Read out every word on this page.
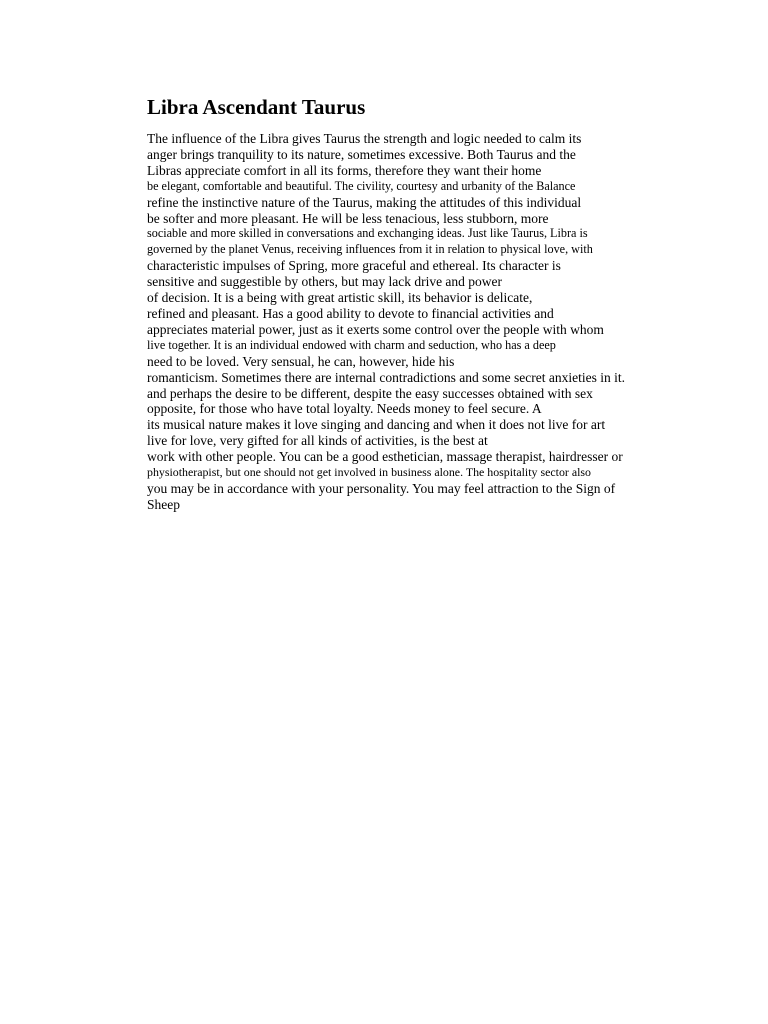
Libra Ascendant Taurus
The influence of the Libra gives Taurus the strength and logic needed to calm its
anger brings tranquility to its nature, sometimes excessive. Both Taurus and the
Libras appreciate comfort in all its forms, therefore they want their home
be elegant, comfortable and beautiful. The civility, courtesy and urbanity of the Balance
refine the instinctive nature of the Taurus, making the attitudes of this individual
be softer and more pleasant. He will be less tenacious, less stubborn, more
sociable and more skilled in conversations and exchanging ideas. Just like Taurus, Libra is
governed by the planet Venus, receiving influences from it in relation to physical love, with
characteristic impulses of Spring, more graceful and ethereal. Its character is
sensitive and suggestible by others, but may lack drive and power
of decision. It is a being with great artistic skill, its behavior is delicate,
refined and pleasant. Has a good ability to devote to financial activities and
appreciates material power, just as it exerts some control over the people with whom
live together. It is an individual endowed with charm and seduction, who has a deep
need to be loved. Very sensual, he can, however, hide his
romanticism. Sometimes there are internal contradictions and some secret anxieties in it.
and perhaps the desire to be different, despite the easy successes obtained with sex
opposite, for those who have total loyalty. Needs money to feel secure. A
its musical nature makes it love singing and dancing and when it does not live for art
live for love, very gifted for all kinds of activities, is the best at
work with other people. You can be a good esthetician, massage therapist, hairdresser or
physiotherapist, but one should not get involved in business alone. The hospitality sector also
you may be in accordance with your personality. You may feel attraction to the Sign of
Sheep
